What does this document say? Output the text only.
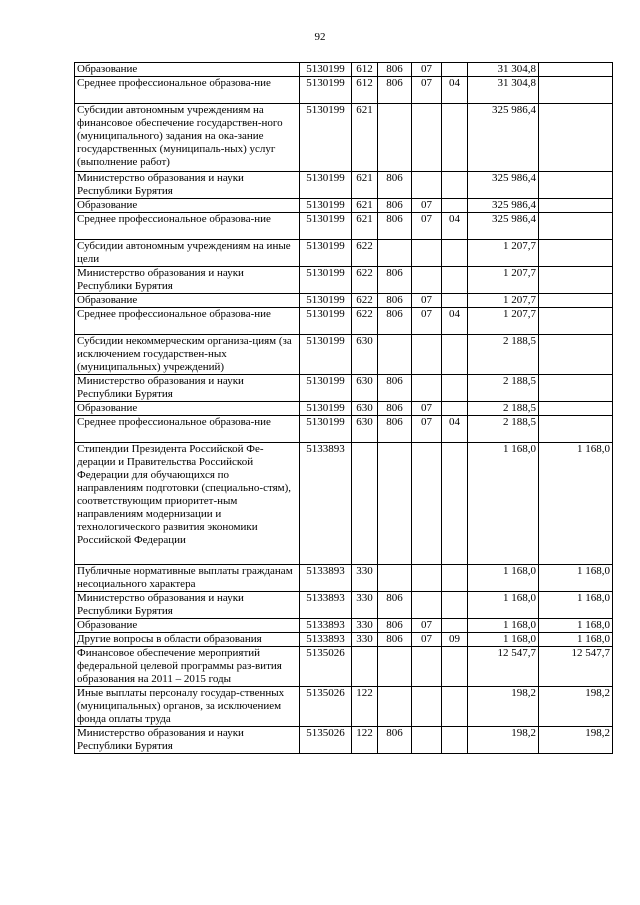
92
Образование	5130199	612	806	07		31 304,8	
Среднее профессиональное образова-ние	5130199	612	806	07	04	31 304,8	
Субсидии автономным учреждениям на финансовое обеспечение государствен-ного (муниципального) задания на ока-зание государственных (муниципаль-ных) услуг (выполнение работ)	5130199	621				325 986,4	
Министерство образования и науки Республики Бурятия	5130199	621	806			325 986,4	
Образование	5130199	621	806	07		325 986,4	
Среднее профессиональное образова-ние	5130199	621	806	07	04	325 986,4	
Субсидии автономным учреждениям на иные цели	5130199	622				1 207,7	
Министерство образования и науки Республики Бурятия	5130199	622	806			1 207,7	
Образование	5130199	622	806	07		1 207,7	
Среднее профессиональное образова-ние	5130199	622	806	07	04	1 207,7	
Субсидии некоммерческим организа-циям (за исключением государствен-ных (муниципальных) учреждений)	5130199	630				2 188,5	
Министерство образования и науки Республики Бурятия	5130199	630	806			2 188,5	
Образование	5130199	630	806	07		2 188,5	
Среднее профессиональное образова-ние	5130199	630	806	07	04	2 188,5	
Стипендии Президента Российской Фе-дерации и Правительства Российской Федерации для обучающихся по направлениям подготовки (специально-стям), соответствующим приоритет-ным направлениям модернизации и технологического развития экономики Российской Федерации	5133893					1 168,0	1 168,0
Публичные нормативные выплаты гражданам несоциального характера	5133893	330				1 168,0	1 168,0
Министерство образования и науки Республики Бурятия	5133893	330	806			1 168,0	1 168,0
Образование	5133893	330	806	07		1 168,0	1 168,0
Другие вопросы в области образования	5133893	330	806	07	09	1 168,0	1 168,0
Финансовое обеспечение мероприятий федеральной целевой программы раз-вития образования на 2011 – 2015 годы	5135026					12 547,7	12 547,7
Иные выплаты персоналу государ-ственных (муниципальных) органов, за исключением фонда оплаты труда	5135026	122				198,2	198,2
Министерство образования и науки Республики Бурятия	5135026	122	806			198,2	198,2
